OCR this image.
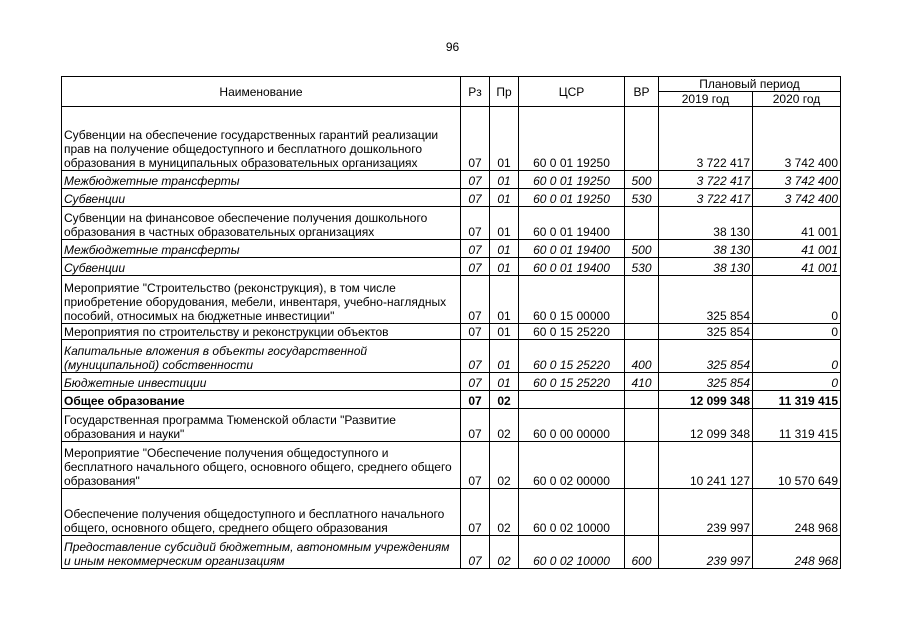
96
Наименование	Рз	Пр	ЦСР	ВР	Плановый период	
					2019 год	2020 год
Субвенции на обеспечение государственных гарантий реализации прав на получение общедоступного и бесплатного дошкольного образования в муниципальных образовательных организациях	07	01	60 0 01 19250		3 722 417	3 742 400
Межбюджетные трансферты	07	01	60 0 01 19250	500	3 722 417	3 742 400
Субвенции	07	01	60 0 01 19250	530	3 722 417	3 742 400
Субвенции на финансовое обеспечение получения дошкольного образования в частных образовательных организациях	07	01	60 0 01 19400		38 130	41 001
Межбюджетные трансферты	07	01	60 0 01 19400	500	38 130	41 001
Субвенции	07	01	60 0 01 19400	530	38 130	41 001
Мероприятие "Строительство (реконструкция), в том числе приобретение оборудования, мебели, инвентаря, учебно-наглядных пособий, относимых на бюджетные инвестиции"	07	01	60 0 15 00000		325 854	0
Мероприятия по строительству и реконструкции объектов	07	01	60 0 15 25220		325 854	0
Капитальные вложения в объекты государственной (муниципальной) собственности	07	01	60 0 15 25220	400	325 854	0
Бюджетные инвестиции	07	01	60 0 15 25220	410	325 854	0
Общее образование	07	02			12 099 348	11 319 415
Государственная программа Тюменской области "Развитие образования и науки"	07	02	60 0 00 00000		12 099 348	11 319 415
Мероприятие "Обеспечение получения общедоступного и бесплатного начального общего, основного общего, среднего общего образования"	07	02	60 0 02 00000		10 241 127	10 570 649
Обеспечение получения общедоступного и бесплатного начального общего, основного общего, среднего общего образования	07	02	60 0 02 10000		239 997	248 968
Предоставление субсидий бюджетным, автономным учреждениям и иным некоммерческим организациям	07	02	60 0 02 10000	600	239 997	248 968
